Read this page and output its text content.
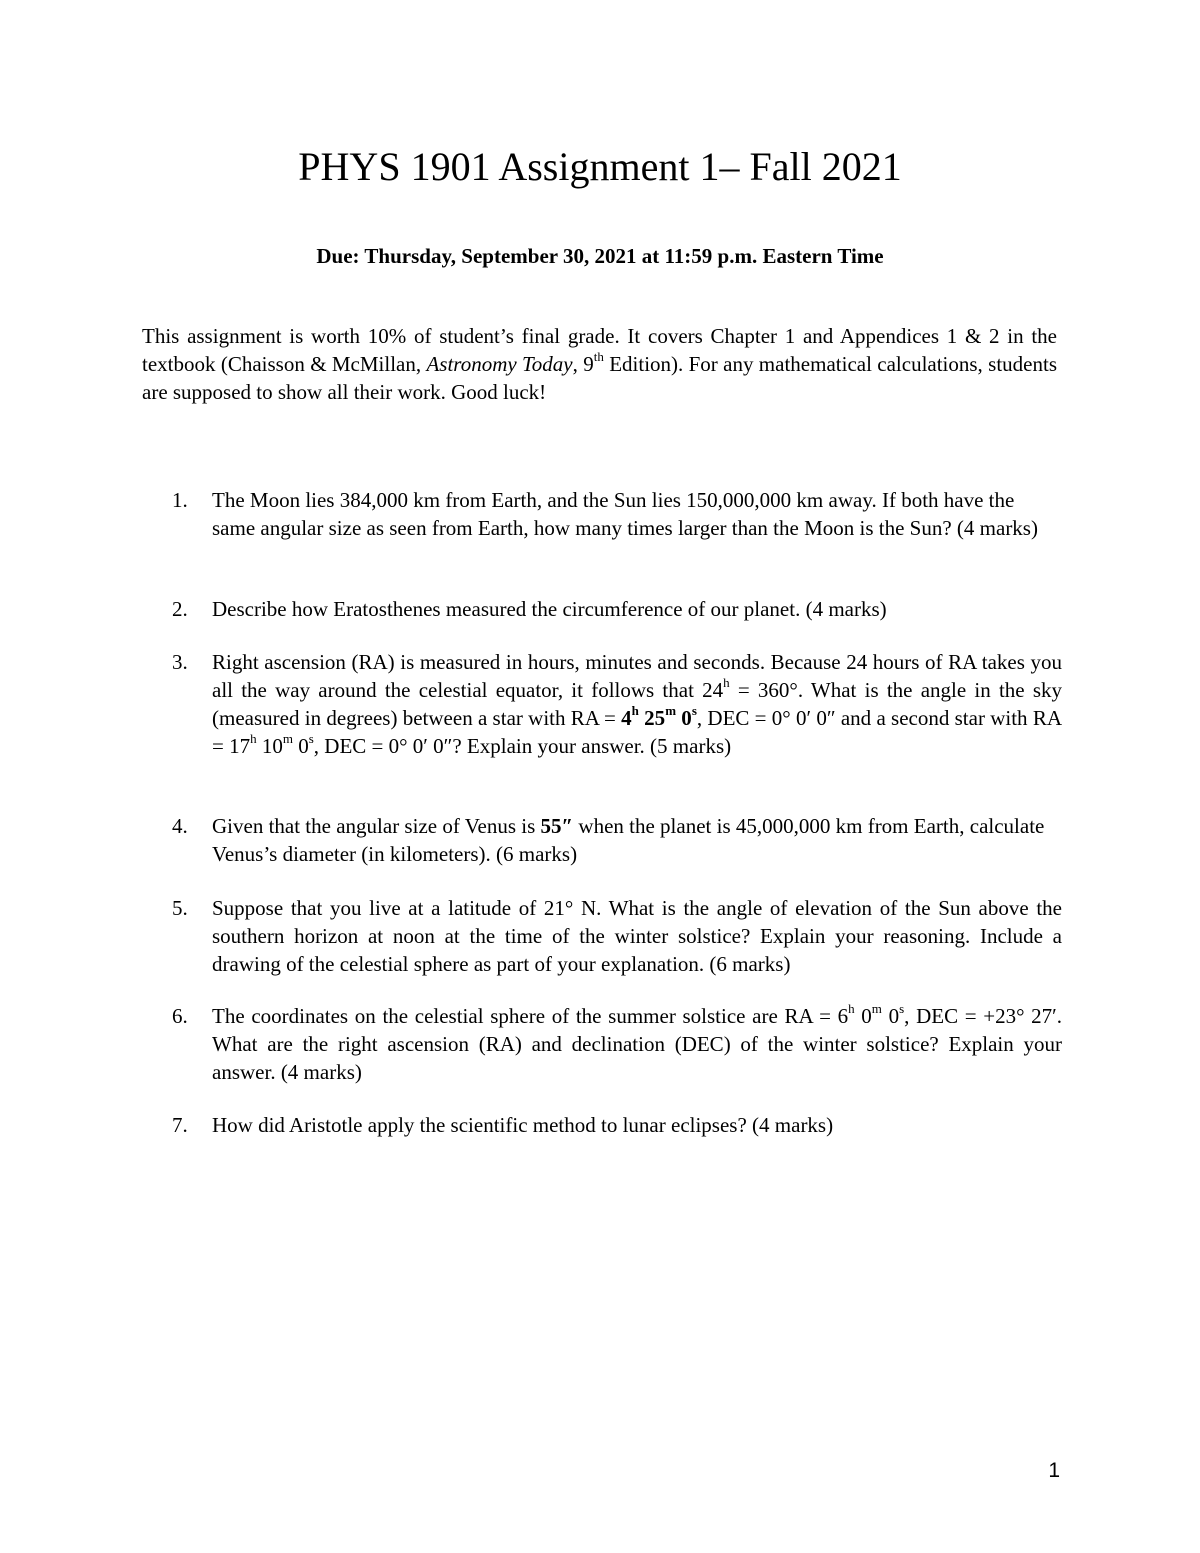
PHYS 1901 Assignment 1– Fall 2021

Due: Thursday, September 30, 2021 at 11:59 p.m. Eastern Time

This assignment is worth 10% of student’s final grade. It covers Chapter 1 and Appendices 1 & 2 in the textbook (Chaisson & McMillan, Astronomy Today, 9th Edition). For any mathematical calculations, students are supposed to show all their work. Good luck!

1.	The Moon lies 384,000 km from Earth, and the Sun lies 150,000,000 km away. If both have the same angular size as seen from Earth, how many times larger than the Moon is the Sun? (4 marks)
2.	Describe how Eratosthenes measured the circumference of our planet. (4 marks)
3.	Right ascension (RA) is measured in hours, minutes and seconds. Because 24 hours of RA takes you all the way around the celestial equator, it follows that $24^h = 360^\circ$. What is the angle in the sky (measured in degrees) between a star with RA = $4^h$ 25$^m$ 0$^s$, DEC = 0° 0′ 0″ and a second star with RA = $17^h$ 10$^m$ 0$^s$, DEC = 0° 0′ 0″? Explain your answer. (5 marks)
4.	Given that the angular size of Venus is 55″ when the planet is 45,000,000 km from Earth, calculate Venus’s diameter (in kilometers). (6 marks)
5.	Suppose that you live at a latitude of 21° N. What is the angle of elevation of the Sun above the southern horizon at noon at the time of the winter solstice? Explain your reasoning. Include a drawing of the celestial sphere as part of your explanation. (6 marks)
6.	The coordinates on the celestial sphere of the summer solstice are RA = $6^h$ 0$^m$ 0$^s$, DEC = +23° 27′. What are the right ascension (RA) and declination (DEC) of the winter solstice? Explain your answer. (4 marks)
7.	How did Aristotle apply the scientific method to lunar eclipses? (4 marks)
1
